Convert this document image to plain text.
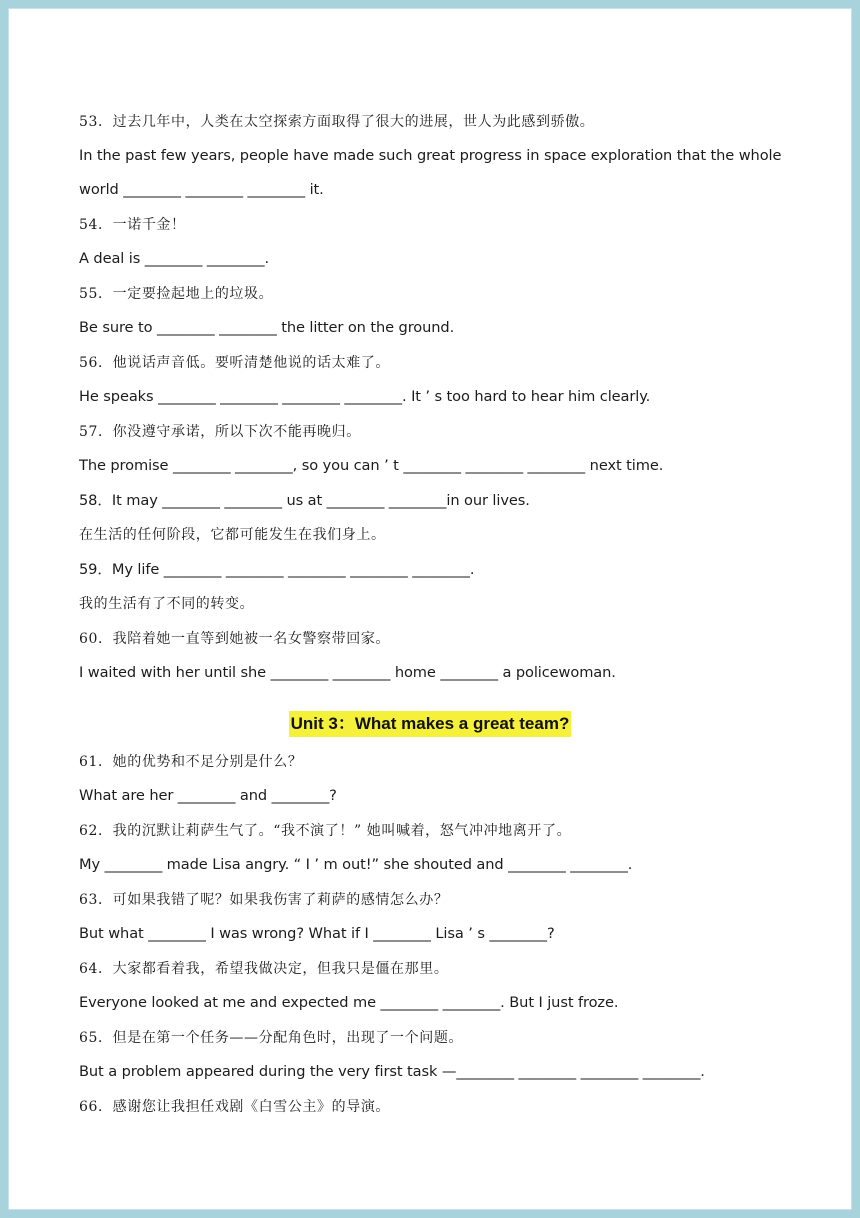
53．过去几年中，人类在太空探索方面取得了很大的进展，世人为此感到骄傲。
In the past few years, people have made such great progress in space exploration that the whole
world ________ ________ ________ it.
54．一诺千金！
A deal is ________ ________.
55．一定要捡起地上的垃圾。
Be sure to ________ ________ the litter on the ground.
56．他说话声音低。要听清楚他说的话太难了。
He speaks ________ ________ ________ ________. It ’ s too hard to hear him clearly.
57．你没遵守承诺，所以下次不能再晚归。
The promise ________ ________, so you can ’ t ________ ________ ________ next time.
58．It may ________ ________ us at ________ ________in our lives.
在生活的任何阶段，它都可能发生在我们身上。
59．My life ________ ________ ________ ________ ________.
我的生活有了不同的转变。
60．我陪着她一直等到她被一名女警察带回家。
I waited with her until she ________ ________ home ________ a policewoman.
Unit 3：What makes a great team?
61．她的优势和不足分别是什么？
What are her ________ and ________?
62．我的沉默让莉萨生气了。“我不演了！” 她叫喊着，怒气冲冲地离开了。
My ________ made Lisa angry. “ I ’ m out!” she shouted and ________ ________.
63．可如果我错了呢？如果我伤害了莉萨的感情怎么办？
But what ________ I was wrong? What if I ________ Lisa ’ s ________?
64．大家都看着我，希望我做决定，但我只是僵在那里。
Everyone looked at me and expected me ________ ________. But I just froze.
65．但是在第一个任务——分配角色时，出现了一个问题。
But a problem appeared during the very first task —________ ________ ________ ________.
66．感谢您让我担任戏剧《白雪公主》的导演。
